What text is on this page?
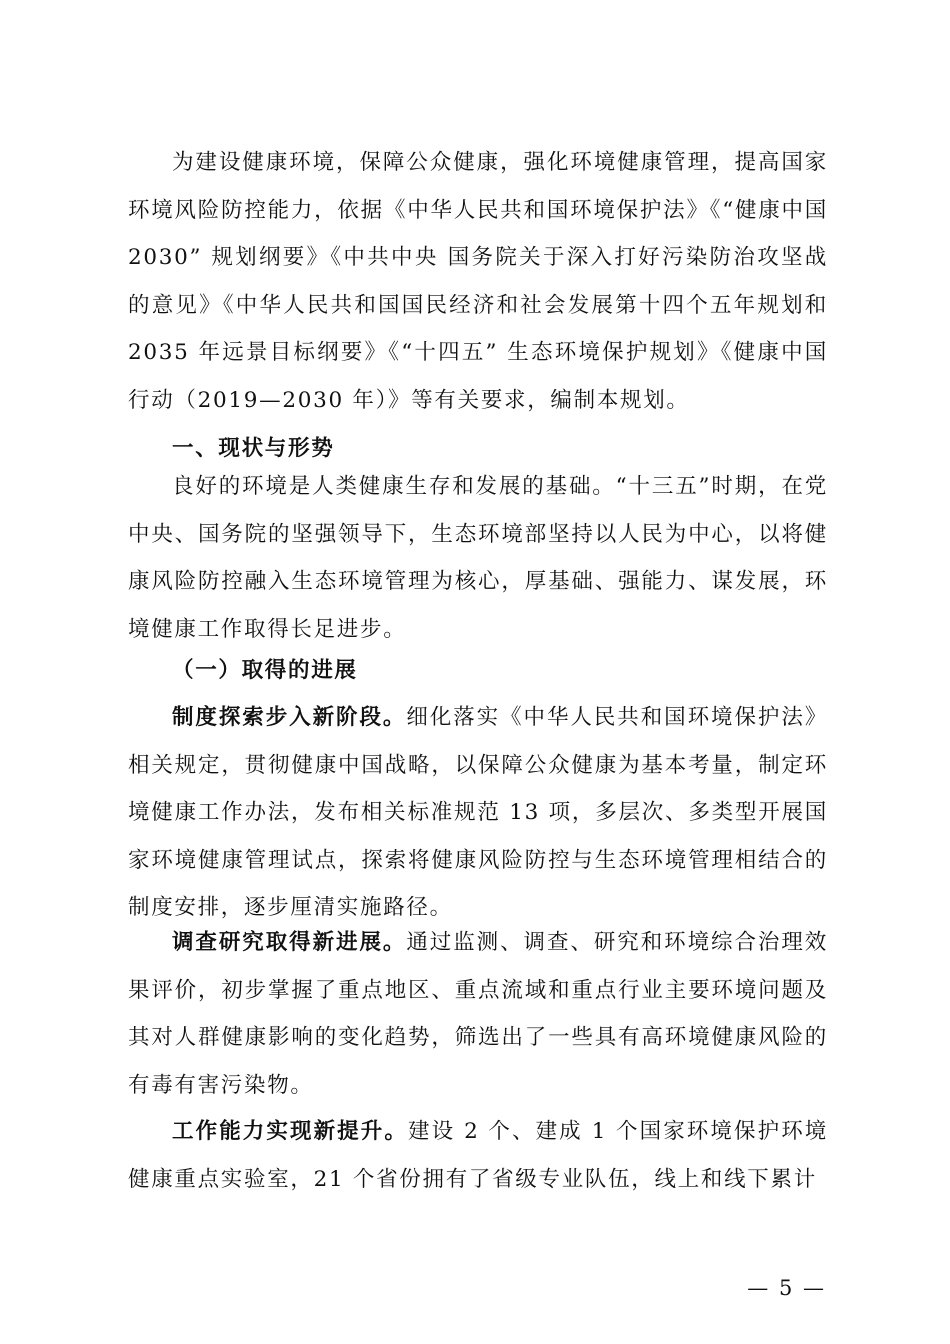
为建设健康环境，保障公众健康，强化环境健康管理，提高国家环境风险防控能力，依据《中华人民共和国环境保护法》《“健康中国 2030” 规划纲要》《中共中央 国务院关于深入打好污染防治攻坚战的意见》《中华人民共和国国民经济和社会发展第十四个五年规划和 2035 年远景目标纲要》《“十四五” 生态环境保护规划》《健康中国行动（2019—2030 年）》等有关要求，编制本规划。

一、现状与形势

良好的环境是人类健康生存和发展的基础。“十三五”时期，在党中央、国务院的坚强领导下，生态环境部坚持以人民为中心，以将健康风险防控融入生态环境管理为核心，厚基础、强能力、谋发展，环境健康工作取得长足进步。

（一）取得的进展

制度探索步入新阶段。细化落实《中华人民共和国环境保护法》相关规定，贯彻健康中国战略，以保障公众健康为基本考量，制定环境健康工作办法，发布相关标准规范 13 项，多层次、多类型开展国家环境健康管理试点，探索将健康风险防控与生态环境管理相结合的制度安排，逐步厘清实施路径。

调查研究取得新进展。通过监测、调查、研究和环境综合治理效果评价，初步掌握了重点地区、重点流域和重点行业主要环境问题及其对人群健康影响的变化趋势，筛选出了一些具有高环境健康风险的有毒有害污染物。

工作能力实现新提升。建设 2 个、建成 1 个国家环境保护环境健康重点实验室，21 个省份拥有了省级专业队伍，线上和线下累计

— 5 —
